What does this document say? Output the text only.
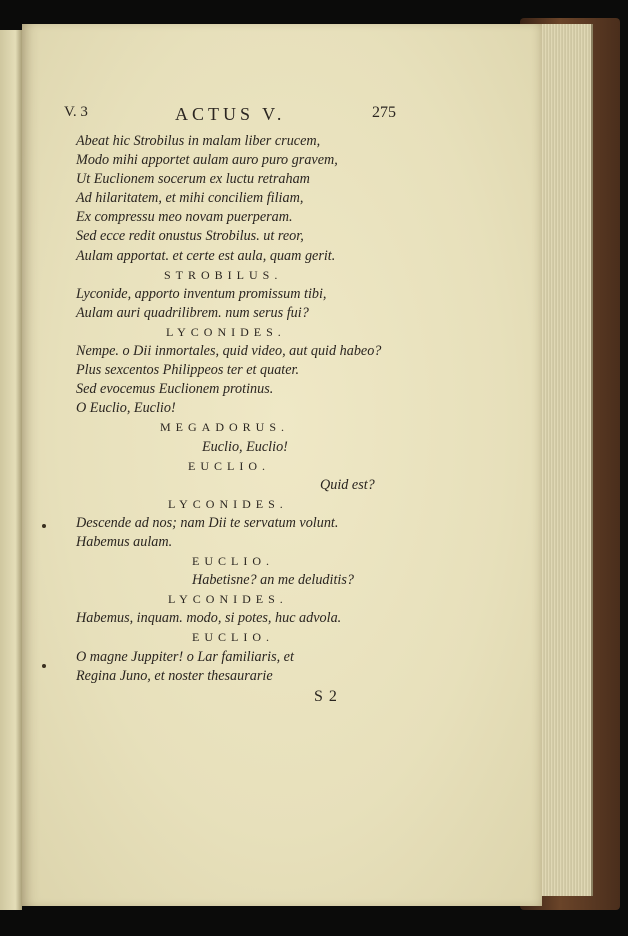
V. 3	ACTUS V.	275
Abeat hic Strobilus in malam liber crucem,
Modo mihi apportet aulam auro puro gravem,
Ut Euclionem socerum ex luctu retraham
Ad hilaritatem, et mihi conciliem filiam,
Ex compressu meo novam puerperam.
Sed ecce redit onustus Strobilus. ut reor,
Aulam apportat. et certe est aula, quam gerit.
STROBILUS.
Lyconide, apporto inventum promissum tibi,
Aulam auri quadrilibrem. num serus fui?
LYCONIDES.
Nempe. o Dii inmortales, quid video, aut quid habeo?
Plus sexcentos Philippeos ter et quater.
Sed evocemus Euclionem protinus.
O Euclio, Euclio!
MEGADORUS.
Euclio, Euclio!
EUCLIO.
Quid est?
LYCONIDES.
Descende ad nos; nam Dii te servatum volunt.
Habemus aulam.
EUCLIO.
Habetisne? an me deluditis?
LYCONIDES.
Habemus, inquam. modo, si potes, huc advola.
EUCLIO.
O magne Juppiter! o Lar familiaris, et
Regina Juno, et noster thesaurarie
S 2
